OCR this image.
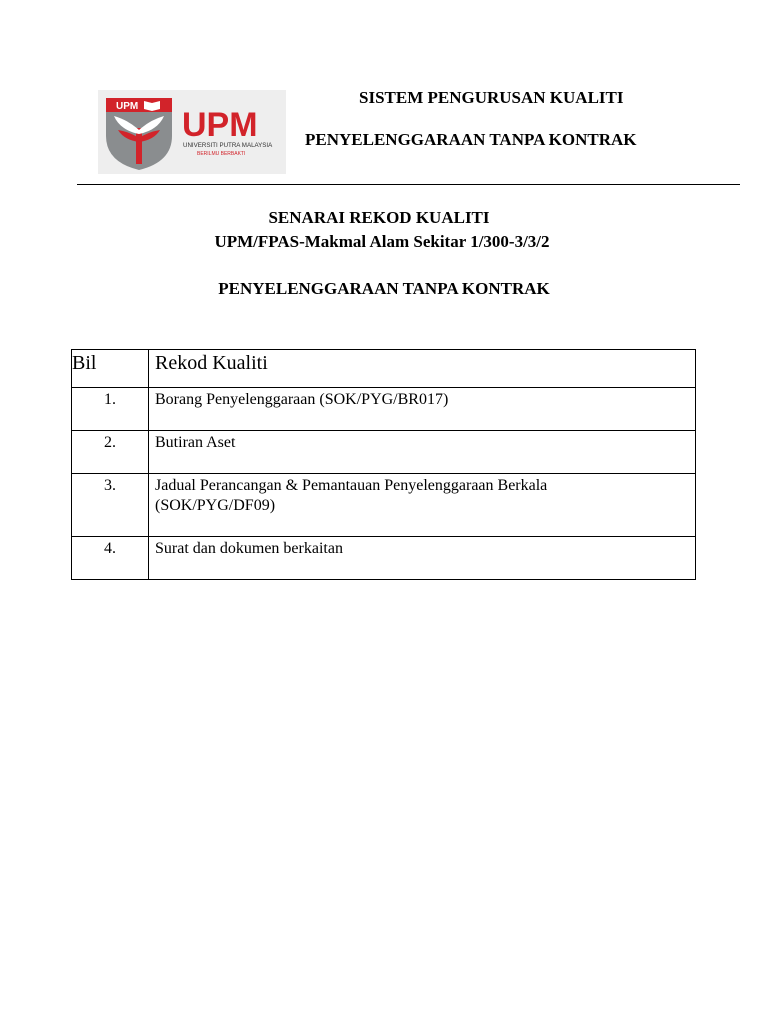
UPM UPM
UNIVERSITI PUTRA MALAYSIA
BERILMU BERBAKTI
SISTEM PENGURUSAN KUALITI
PENYELENGGARAAN TANPA KONTRAK
SENARAI REKOD KUALITI
UPM/FPAS-Makmal Alam Sekitar 1/300-3/3/2
PENYELENGGARAAN TANPA KONTRAK
Bil	Rekod Kualiti

1.	Borang Penyelenggaraan (SOK/PYG/BR017)

2.	Butiran Aset

3.	Jadual Perancangan & Pemantauan Penyelenggaraan Berkala
(SOK/PYG/DF09)

4.	Surat dan dokumen berkaitan
